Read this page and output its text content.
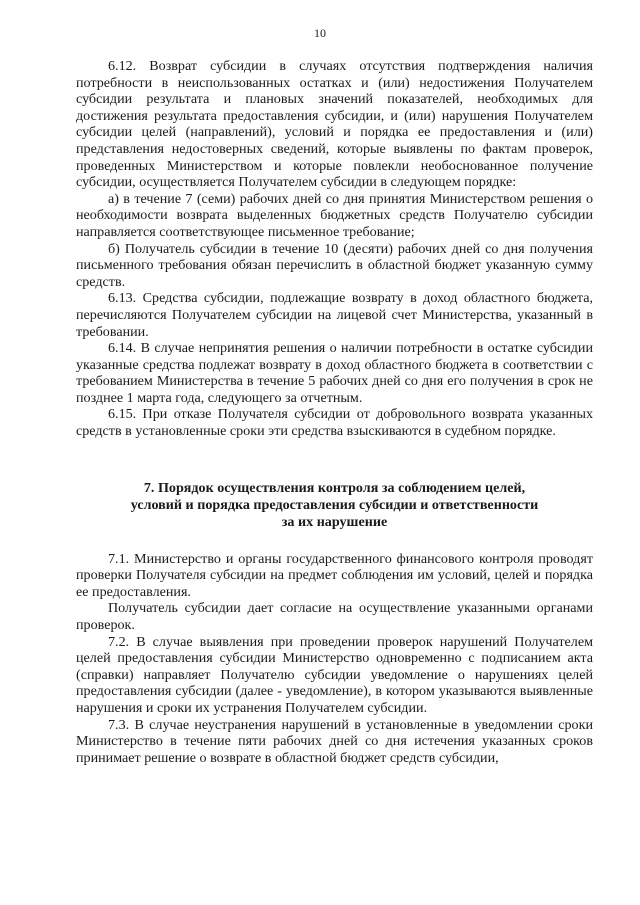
10

6.12. Возврат субсидии в случаях отсутствия подтверждения наличия потребности в неиспользованных остатках и (или) недостижения Получателем субсидии результата и плановых значений показателей, необходимых для достижения результата предоставления субсидии, и (или) нарушения Получателем субсидии целей (направлений), условий и порядка ее предоставления и (или) представления недостоверных сведений, которые выявлены по фактам проверок, проведенных Министерством и которые повлекли необоснованное получение субсидии, осуществляется Получателем субсидии в следующем порядке:

а) в течение 7 (семи) рабочих дней со дня принятия Министерством решения о необходимости возврата выделенных бюджетных средств Получателю субсидии направляется соответствующее письменное требование;

б) Получатель субсидии в течение 10 (десяти) рабочих дней со дня получения письменного требования обязан перечислить в областной бюджет указанную сумму средств.

6.13. Средства субсидии, подлежащие возврату в доход областного бюджета, перечисляются Получателем субсидии на лицевой счет Министерства, указанный в требовании.

6.14. В случае непринятия решения о наличии потребности в остатке субсидии указанные средства подлежат возврату в доход областного бюджета в соответствии с требованием Министерства в течение 5 рабочих дней со дня его получения в срок не позднее 1 марта года, следующего за отчетным.

6.15. При отказе Получателя субсидии от добровольного возврата указанных средств в установленные сроки эти средства взыскиваются в судебном порядке.

7. Порядок осуществления контроля за соблюдением целей,
условий и порядка предоставления субсидии и ответственности
за их нарушение

7.1. Министерство и органы государственного финансового контроля проводят проверки Получателя субсидии на предмет соблюдения им условий, целей и порядка ее предоставления.

Получатель субсидии дает согласие на осуществление указанными органами проверок.

7.2. В случае выявления при проведении проверок нарушений Получателем целей предоставления субсидии Министерство одновременно с подписанием акта (справки) направляет Получателю субсидии уведомление о нарушениях целей предоставления субсидии (далее - уведомление), в котором указываются выявленные нарушения и сроки их устранения Получателем субсидии.

7.3. В случае неустранения нарушений в установленные в уведомлении сроки Министерство в течение пяти рабочих дней со дня истечения указанных сроков принимает решение о возврате в областной бюджет средств субсидии,
